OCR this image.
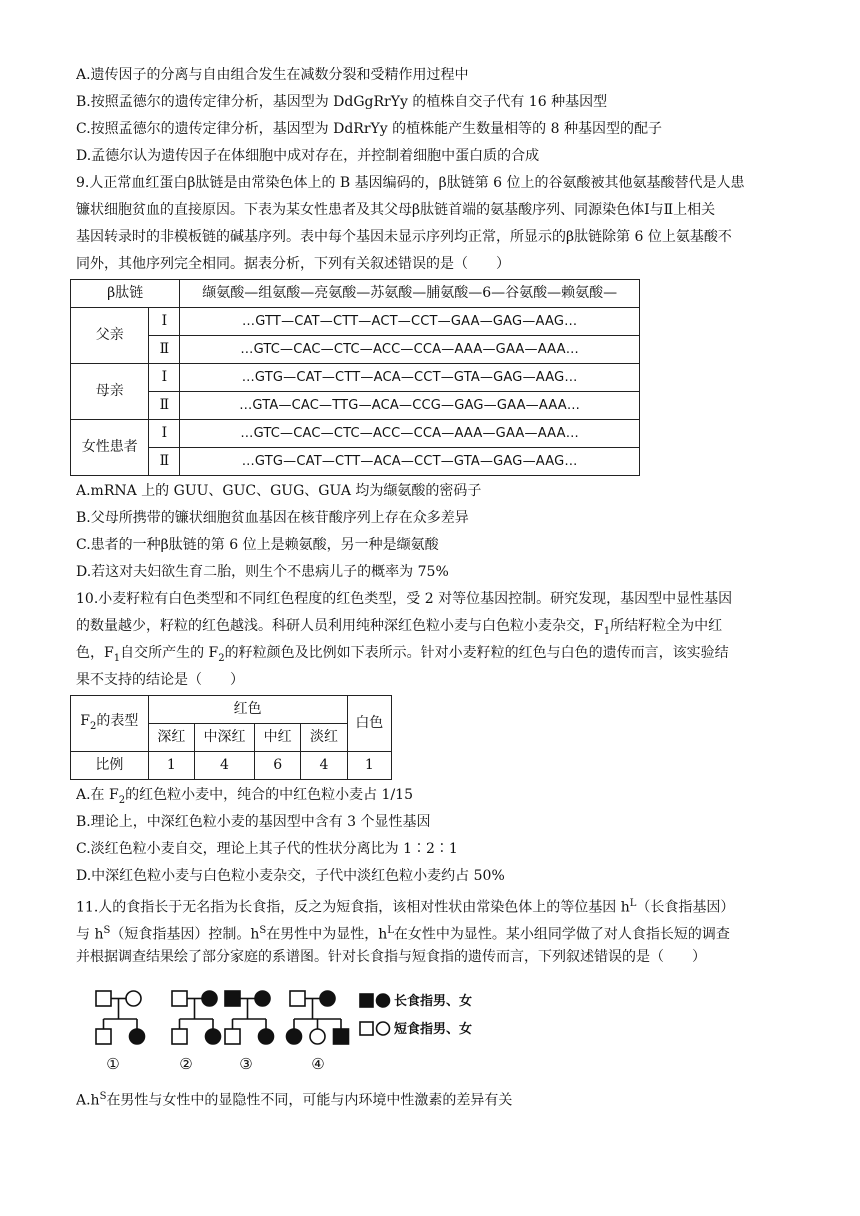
A.遗传因子的分离与自由组合发生在减数分裂和受精作用过程中
B.按照孟德尔的遗传定律分析，基因型为 DdGgRrYy 的植株自交子代有 16 种基因型
C.按照孟德尔的遗传定律分析，基因型为 DdRrYy 的植株能产生数量相等的 8 种基因型的配子
D.孟德尔认为遗传因子在体细胞中成对存在，并控制着细胞中蛋白质的合成
9.人正常血红蛋白β肽链是由常染色体上的 B 基因编码的，β肽链第 6 位上的谷氨酸被其他氨基酸替代是人患
镰状细胞贫血的直接原因。下表为某女性患者及其父母β肽链首端的氨基酸序列、同源染色体Ⅰ与Ⅱ上相关
基因转录时的非模板链的碱基序列。表中每个基因未显示序列均正常，所显示的β肽链除第 6 位上氨基酸不
同外，其他序列完全相同。据表分析，下列有关叙述错误的是（　　）
β肽链		缬氨酸—组氨酸—亮氨酸—苏氨酸—脯氨酸—6—谷氨酸—赖氨酸—
父亲	Ⅰ	…GTT—CAT—CTT—ACT—CCT—GAA—GAG—AAG…
	Ⅱ	…GTC—CAC—CTC—ACC—CCA—AAA—GAA—AAA…
母亲	Ⅰ	…GTG—CAT—CTT—ACA—CCT—GTA—GAG—AAG…
	Ⅱ	…GTA—CAC—TTG—ACA—CCG—GAG—GAA—AAA…
女性患者	Ⅰ	…GTC—CAC—CTC—ACC—CCA—AAA—GAA—AAA…
	Ⅱ	…GTG—CAT—CTT—ACA—CCT—GTA—GAG—AAG…
A.mRNA 上的 GUU、GUC、GUG、GUA 均为缬氨酸的密码子
B.父母所携带的镰状细胞贫血基因在核苷酸序列上存在众多差异
C.患者的一种β肽链的第 6 位上是赖氨酸，另一种是缬氨酸
D.若这对夫妇欲生育二胎，则生个不患病儿子的概率为 75%
10.小麦籽粒有白色类型和不同红色程度的红色类型，受 2 对等位基因控制。研究发现，基因型中显性基因
的数量越少，籽粒的红色越浅。科研人员利用纯种深红色粒小麦与白色粒小麦杂交，$F_1$所结籽粒全为中红
色，$F_1$自交所产生的 $F_2$的籽粒颜色及比例如下表所示。针对小麦籽粒的红色与白色的遗传而言，该实验结
果不支持的结论是（　　）
$F_2$的表型	红色				白色
	深红	中深红	中红	淡红	
比例	1	4	6	4	1
A.在 $F_2$的红色粒小麦中，纯合的中红色粒小麦占 1/15
B.理论上，中深红色粒小麦的基因型中含有 3 个显性基因
C.淡红色粒小麦自交，理论上其子代的性状分离比为 1∶2∶1
D.中深红色粒小麦与白色粒小麦杂交，子代中淡红色粒小麦约占 50%
11.人的食指长于无名指为长食指，反之为短食指，该相对性状由常染色体上的等位基因 $h^L$（长食指基因）
与 $h^S$（短食指基因）控制。$h^S$在男性中为显性，$h^L$在女性中为显性。某小组同学做了对人食指长短的调查
并根据调查结果绘了部分家庭的系谱图。针对长食指与短食指的遗传而言，下列叙述错误的是（　　）
长食指男、女
短食指男、女
①	②	③	④
$A.h^S$在男性与女性中的显隐性不同，可能与内环境中性激素的差异有关
